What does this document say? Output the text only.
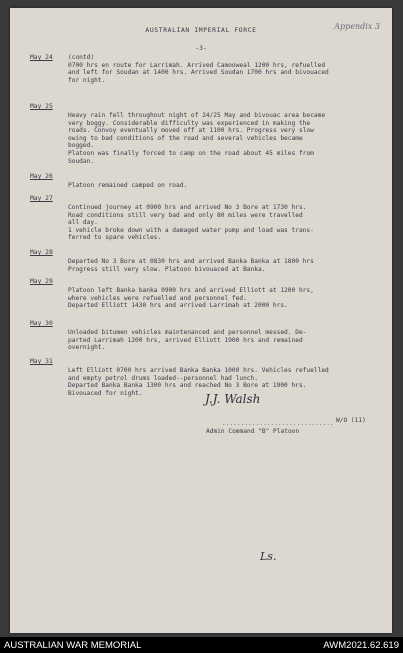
AUSTRALIAN IMPERIAL FORCE	Appendix 3
-3-
May 24 (contd)
0700 hrs en route for Larrimah. Arrived Camooweal 1200 hrs, refuelled
and left for Soudan at 1400 hrs. Arrived Soudan 1700 hrs and bivouaced
for night.
May 25
Heavy rain fell throughout night of 24/25 May and bivouac area became
very boggy. Considerable difficulty was experienced in making the
roads. Convoy eventually moved off at 1100 hrs. Progress very slow
owing to bad conditions of the road and several vehicles became
bogged.
Platoon was finally forced to camp on the road about 45 miles from
Soudan.
May 26
Platoon remained camped on road.
May 27
Continued journey at 0900 hrs and arrived No 3 Bore at 1730 hrs.
Road conditions still very bad and only 80 miles were travelled
all day.
1 vehicle broke down with a damaged water pump and load was trans-
ferred to spare vehicles.
May 28
Departed No 3 Bore at 0830 hrs and arrived Banka Banka at 1800 hrs
Progress still very slow. Platoon bivouaced at Banka.
May 29
Platoon left Banka banka 0900 hrs and arrived Elliott at 1200 hrs,
where vehicles were refuelled and personnel fed.
Departed Elliott 1430 hrs and arrived Larrimah at 2000 hrs.
May 30
Unloaded bitumen vehicles maintenanced and personnel messed. De-
parted Larrimah 1200 hrs, arrived Elliott 1900 hrs and remained
overnight.
May 31
Left Elliott 0700 hrs arrived Banka Banka 1000 hrs. Vehicles refuelled
and empty petrol drums loaded--personnel had lunch.
Departed Banka Banka 1300 hrs and reached No 3 Bore at 1900 hrs.
Bivouaced for night.	J.J. Walsh
W/O (11)
Admin Command "B" Platoon
..............................
Ls.
AUSTRALIAN WAR MEMORIAL	AWM2021.62.619
